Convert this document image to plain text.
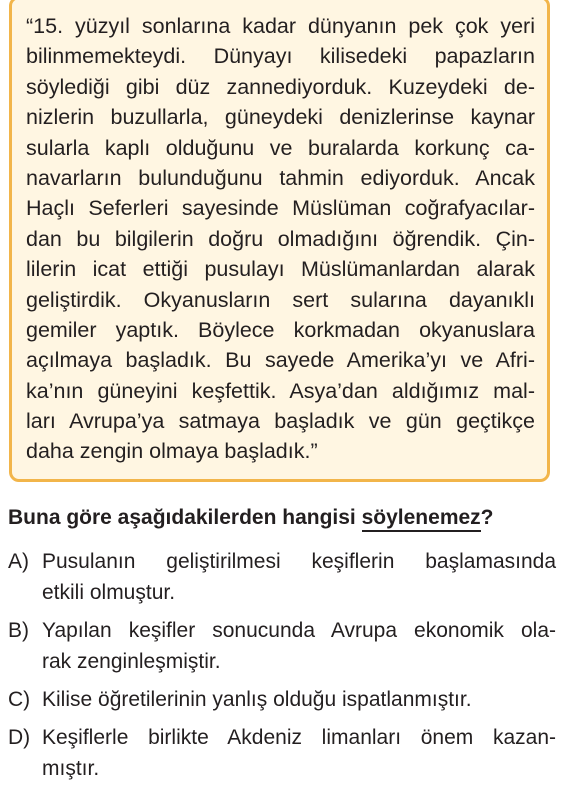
“15. yüzyıl sonlarına kadar dünyanın pek çok yeri
bilinmemekteydi. Dünyayı kilisedeki papazların
söylediği gibi düz zannediyorduk. Kuzeydeki de-
nizlerin buzullarla, güneydeki denizlerinse kaynar
sularla kaplı olduğunu ve buralarda korkunç ca-
navarların bulunduğunu tahmin ediyorduk. Ancak
Haçlı Seferleri sayesinde Müslüman coğrafyacılar-
dan bu bilgilerin doğru olmadığını öğrendik. Çin-
lilerin icat ettiği pusulayı Müslümanlardan alarak
geliştirdik. Okyanusların sert sularına dayanıklı
gemiler yaptık. Böylece korkmadan okyanuslara
açılmaya başladık. Bu sayede Amerika’yı ve Afri-
ka’nın güneyini keşfettik. Asya’dan aldığımız mal-
ları Avrupa’ya satmaya başladık ve gün geçtikçe
daha zengin olmaya başladık.”
Buna göre aşağıdakilerden hangisi söylenemez?
A) Pusulanın geliştirilmesi keşiflerin başlamasında
etkili olmuştur.
B) Yapılan keşifler sonucunda Avrupa ekonomik ola-
rak zenginleşmiştir.
C) Kilise öğretilerinin yanlış olduğu ispatlanmıştır.
D) Keşiflerle birlikte Akdeniz limanları önem kazan-
mıştır.
